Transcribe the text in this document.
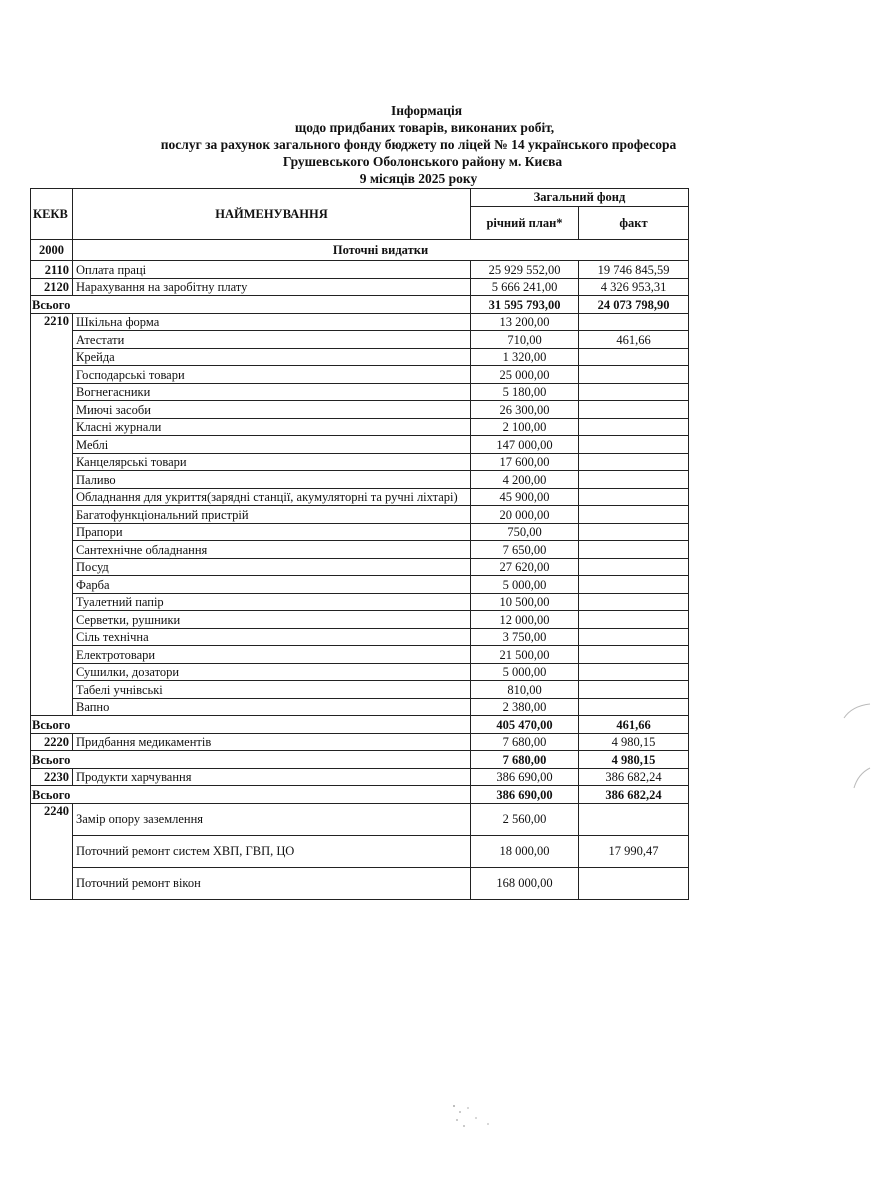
Інформація
щодо придбаних товарів, виконаних робіт,
послуг за рахунок загального фонду бюджету по ліцей № 14 українського професора
Грушевського Оболонського району м. Києва
9 місяців 2025 року
КЕКВ	НАЙМЕНУВАННЯ	Загальний фонд	
		річний план*	факт
2000	Поточні видатки		
2110	Оплата праці	25 929 552,00	19 746 845,59
2120	Нарахування на заробітну плату	5 666 241,00	4 326 953,31
Всього		31 595 793,00	24 073 798,90
2210	Шкільна форма	13 200,00	
	Атестати	710,00	461,66
	Крейда	1 320,00	
	Господарські товари	25 000,00	
	Вогнегасники	5 180,00	
	Миючі засоби	26 300,00	
	Класні журнали	2 100,00	
	Меблі	147 000,00	
	Канцелярські товари	17 600,00	
	Паливо	4 200,00	
	Обладнання для укриття(зарядні станції, акумуляторні та ручні ліхтарі)	45 900,00	
	Багатофункціональний пристрій	20 000,00	
	Прапори	750,00	
	Сантехнічне обладнання	7 650,00	
	Посуд	27 620,00	
	Фарба	5 000,00	
	Туалетний папір	10 500,00	
	Серветки, рушники	12 000,00	
	Сіль технічна	3 750,00	
	Електротовари	21 500,00	
	Сушилки, дозатори	5 000,00	
	Табелі учнівські	810,00	
	Вапно	2 380,00	
Всього		405 470,00	461,66
2220	Придбання медикаментів	7 680,00	4 980,15
Всього		7 680,00	4 980,15
2230	Продукти харчування	386 690,00	386 682,24
Всього		386 690,00	386 682,24
2240	Замір опору заземлення	2 560,00	
	Поточний ремонт систем ХВП, ГВП, ЦО	18 000,00	17 990,47
	Поточний ремонт вікон	168 000,00	
